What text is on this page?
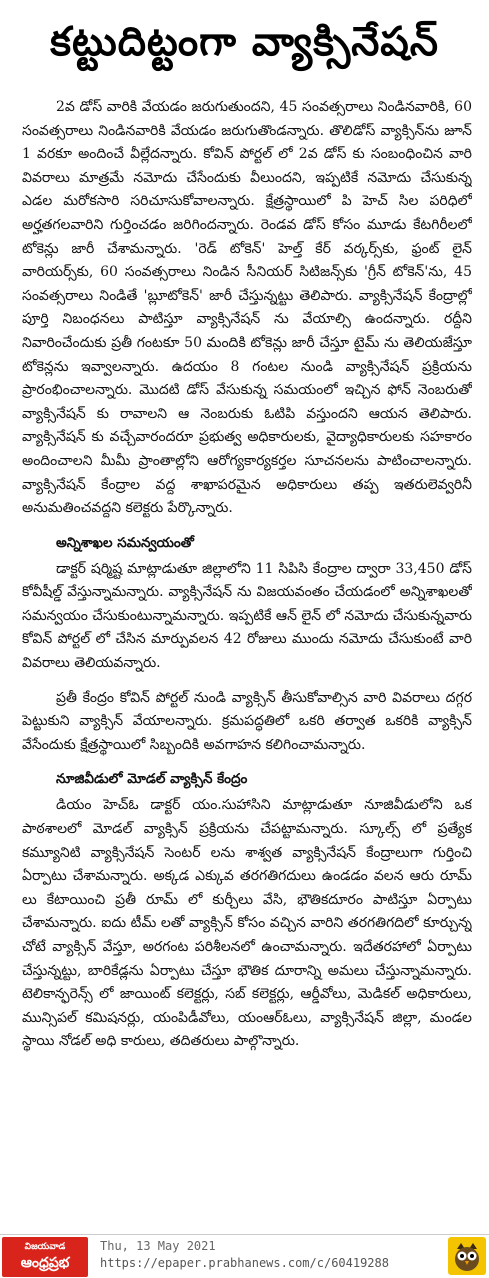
కట్టుదిట్టంగా వ్యాక్సినేషన్

2వ డోస్ వారికి వేయడం జరుగుతుందని, 45 సంవత్సరాలు నిండినవారికి, 60 సంవత్సరాలు నిండినవారికి వేయడం జరుగుతొండన్నారు. తొలిడోస్ వ్యాక్సిన్‌ను జూన్ 1 వరకూ అందించే వీల్లేదన్నారు. కోవిన్ పోర్టల్ లో 2వ డోస్ కు సంబంధించిన వారి వివరాలు మాత్రమే నమోదు చేసేందుకు వీలుందని, ఇప్పటికే నమోదు చేసుకున్న ఎడల మరోకసారి సరిచూసుకోవాలన్నారు. క్షేత్రస్థాయిలో పి హెచ్ సిల పరిధిలో అర్హతగలవారిని గుర్తించడం జరిగిందన్నారు. రెండవ డోస్ కోసం మూడు కేటగిరీలలో టోకెన్లు జారీ చేశామన్నారు. 'రెడ్ టోకెన్' హెల్త్ కేర్ వర్కర్స్‌కు, ఫ్రంట్ లైన్ వారియర్స్‌కు, 60 సంవత్సరాలు నిండిన సీనియర్ సిటిజన్స్‌కు 'గ్రీన్ టోకెన్'ను, 45 సంవత్సరాలు నిండితే 'బ్లూటోకెన్' జారీ చేస్తున్నట్టు తెలిపారు. వ్యాక్సినేషన్ కేంద్రాల్లో పూర్తి నిబంధనలు పాటిస్తూ వ్యాక్సినేషన్ ను వేయాల్సి ఉందన్నారు. రద్దీని నివారించేందుకు ప్రతీ గంటకూ 50 మందికి టోకెన్లు జారీ చేస్తూ టైమ్ ను తెలియజేస్తూ టోకెన్లను ఇవ్వాలన్నారు. ఉదయం 8 గంటల నుండి వ్యాక్సినేషన్ ప్రక్రియను ప్రారంభించాలన్నారు. మొదటి డోస్ వేసుకున్న సమయంలో ఇచ్చిన ఫోన్ నెంబరుతో వ్యాక్సినేషన్ కు రావాలని ఆ నెంబరుకు ఓటిపి వస్తుందని ఆయన తెలిపారు. వ్యాక్సినేషన్ కు వచ్చేవారందరూ ప్రభుత్వ అధికారులకు, వైద్యాధికారులకు సహకారం అందించాలని మీమీ ప్రాంతాల్లోని ఆరోగ్యకార్యకర్తల సూచనలను పాటించాలన్నారు. వ్యాక్సినేషన్ కేంద్రాల వద్ద శాఖాపరమైన అధికారులు తప్ప ఇతరులెవ్వరినీ అనుమతించవద్దని కలెక్టరు పేర్కొన్నారు.

అన్నిశాఖల సమన్వయంతో

డాక్టర్ షర్మిష్ట మాట్లాడుతూ జిల్లాలోని 11 సిపిసి కేంద్రాల ద్వారా 33,450 డోస్ కోవీషీల్డ్ వేస్తున్నామన్నారు. వ్యాక్సినేషన్ ను విజయవంతం చేయడంలో అన్నిశాఖలతో సమన్వయం చేసుకుంటున్నామన్నారు. ఇప్పటికే ఆన్ లైన్ లో నమోదు చేసుకున్నవారు కోవిన్ పోర్టల్ లో చేసిన మార్పువలన 42 రోజులు ముందు నమోదు చేసుకుంటే వారి వివరాలు తెలియవన్నారు.

ప్రతీ కేంద్రం కోవిన్ పోర్టల్ నుండి వ్యాక్సిన్ తీసుకోవాల్సిన వారి వివరాలు దగ్గర పెట్టుకుని వ్యాక్సిన్ వేయాలన్నారు. క్రమపద్ధతిలో ఒకరి తర్వాత ఒకరికి వ్యాక్సిన్ వేసేందుకు క్షేత్రస్థాయిలో సిబ్బందికి అవగాహన కలిగించామన్నారు.

నూజివీడులో మోడల్ వ్యాక్సిన్ కేంద్రం

డియం హెచ్ఓ డాక్టర్ యం.సుహాసిని మాట్లాడుతూ నూజివీడులోని ఒక పాఠశాలలో మోడల్ వ్యాక్సిన్ ప్రక్రియను చేపట్టామన్నారు. స్కూల్స్ లో ప్రత్యేక కమ్యూనిటి వ్యాక్సినేషన్ సెంటర్ లను శాశ్వత వ్యాక్సినేషన్ కేంద్రాలుగా గుర్తించి ఏర్పాటు చేశామన్నారు. అక్కడ ఎక్కువ తరగతిగదులు ఉండడం వలన ఆరు రూమ్ లు కేటాయించి ప్రతీ రూమ్ లో కుర్చీలు వేసి, భౌతికదూరం పాటిస్తూ ఏర్పాటు చేశామన్నారు. ఐదు టీమ్ లతో వ్యాక్సిన్ కోసం వచ్చిన వారిని తరగతిగదిలో కూర్చున్న చోటే వ్యాక్సిన్ వేస్తూ, అరగంట పరిశీలనలో ఉంచామన్నారు. ఇదేతరహాలో ఏర్పాటు చేస్తున్నట్టు, బారికేడ్లను ఏర్పాటు చేస్తూ భౌతిక దూరాన్ని అమలు చేస్తున్నామన్నారు. టెలికాన్ఫరెన్స్ లో జాయింట్ కలెక్టర్లు, సబ్ కలెక్టర్లు, ఆర్డీవోలు, మెడికల్ అధికారులు, మున్సిపల్ కమిషనర్లు, యంపిడీవోలు, యంఆర్ఓలు, వ్యాక్సినేషన్ జిల్లా, మండల స్థాయి నోడల్ అధి కారులు, తదితరులు పాల్గొన్నారు.

విజయవాడ
ఆంధ్రప్రభ
Thu, 13 May 2021
https://epaper.prabhanews.com/c/60419288
